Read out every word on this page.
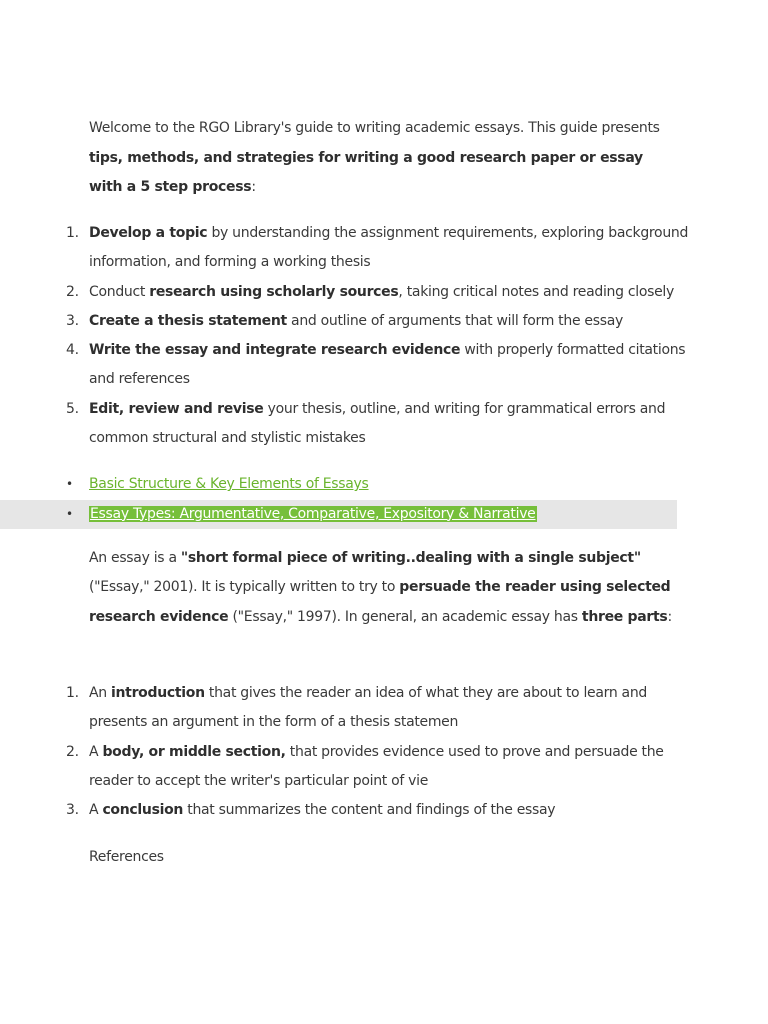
Welcome to the RGO Library's guide to writing academic essays. This guide presents tips, methods, and strategies for writing a good research paper or essay with a 5 step process:

1. Develop a topic by understanding the assignment requirements, exploring background information, and forming a working thesis
2. Conduct research using scholarly sources, taking critical notes and reading closely
3. Create a thesis statement and outline of arguments that will form the essay
4. Write the essay and integrate research evidence with properly formatted citations and references
5. Edit, review and revise your thesis, outline, and writing for grammatical errors and common structural and stylistic mistakes
• Basic Structure & Key Elements of Essays
• Essay Types: Argumentative, Comparative, Expository & Narrative

An essay is a "short formal piece of writing..dealing with a single subject" ("Essay," 2001). It is typically written to try to persuade the reader using selected research evidence ("Essay," 1997). In general, an academic essay has three parts:

1. An introduction that gives the reader an idea of what they are about to learn and presents an argument in the form of a thesis statemen
2. A body, or middle section, that provides evidence used to prove and persuade the reader to accept the writer's particular point of vie
3. A conclusion that summarizes the content and findings of the essay

References
